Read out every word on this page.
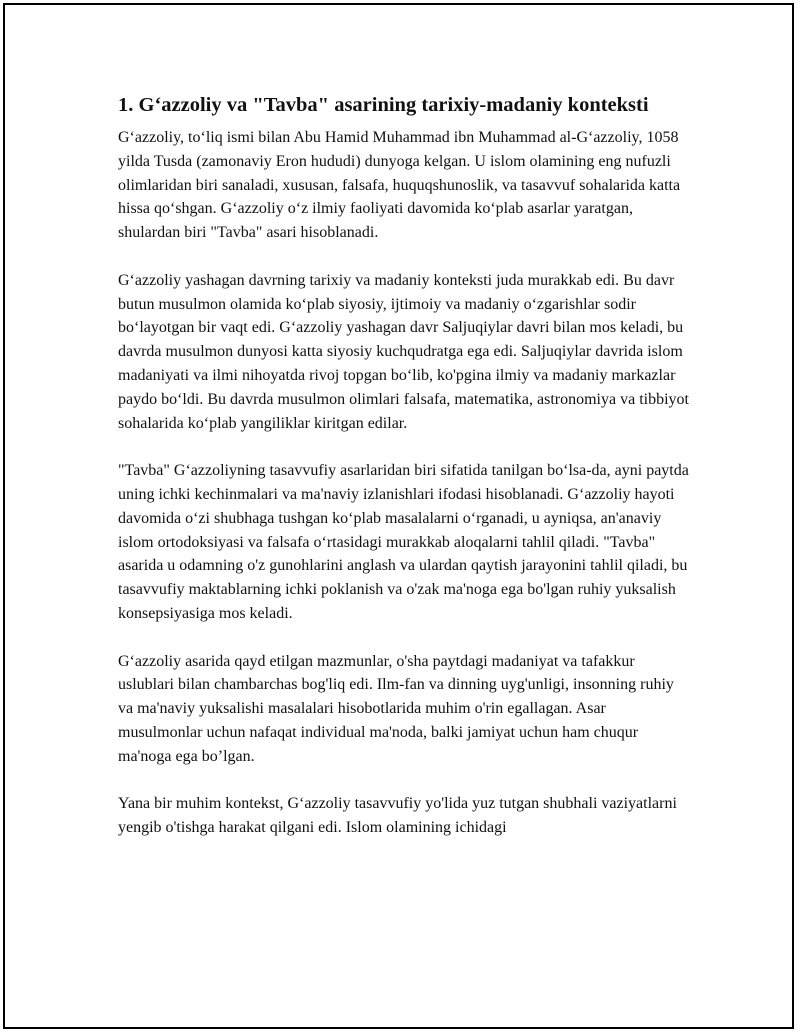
1. G‘azzoliy va "Tavba" asarining tarixiy-madaniy konteksti

G‘azzoliy, to‘liq ismi bilan Abu Hamid Muhammad ibn Muhammad al-G‘azzoliy, 1058 yilda Tusda (zamonaviy Eron hududi) dunyoga kelgan. U islom olamining eng nufuzli olimlaridan biri sanaladi, xususan, falsafa, huquqshunoslik, va tasavvuf sohalarida katta hissa qo‘shgan. G‘azzoliy o‘z ilmiy faoliyati davomida ko‘plab asarlar yaratgan, shulardan biri "Tavba" asari hisoblanadi.

G‘azzoliy yashagan davrning tarixiy va madaniy konteksti juda murakkab edi. Bu davr butun musulmon olamida ko‘plab siyosiy, ijtimoiy va madaniy o‘zgarishlar sodir bo‘layotgan bir vaqt edi. G‘azzoliy yashagan davr Saljuqiylar davri bilan mos keladi, bu davrda musulmon dunyosi katta siyosiy kuchqudratga ega edi. Saljuqiylar davrida islom madaniyati va ilmi nihoyatda rivoj topgan bo‘lib, ko'pgina ilmiy va madaniy markazlar paydo bo‘ldi. Bu davrda musulmon olimlari falsafa, matematika, astronomiya va tibbiyot sohalarida ko‘plab yangiliklar kiritgan edilar.

"Tavba" G‘azzoliyning tasavvufiy asarlaridan biri sifatida tanilgan bo‘lsa-da, ayni paytda uning ichki kechinmalari va ma'naviy izlanishlari ifodasi hisoblanadi. G‘azzoliy hayoti davomida o‘zi shubhaga tushgan ko‘plab masalalarni o‘rganadi, u ayniqsa, an'anaviy islom ortodoksiyasi va falsafa o‘rtasidagi murakkab aloqalarni tahlil qiladi. "Tavba" asarida u odamning o'z gunohlarini anglash va ulardan qaytish jarayonini tahlil qiladi, bu tasavvufiy maktablarning ichki poklanish va o'zak ma'noga ega bo'lgan ruhiy yuksalish konsepsiyasiga mos keladi.

G‘azzoliy asarida qayd etilgan mazmunlar, o'sha paytdagi madaniyat va tafakkur uslublari bilan chambarchas bog'liq edi. Ilm-fan va dinning uyg'unligi, insonning ruhiy va ma'naviy yuksalishi masalalari hisobotlarida muhim o'rin egallagan. Asar musulmonlar uchun nafaqat individual ma'noda, balki jamiyat uchun ham chuqur ma'noga ega bo’lgan.

Yana bir muhim kontekst, G‘azzoliy tasavvufiy yo'lida yuz tutgan shubhali vaziyatlarni yengib o'tishga harakat qilgani edi. Islom olamining ichidagi
